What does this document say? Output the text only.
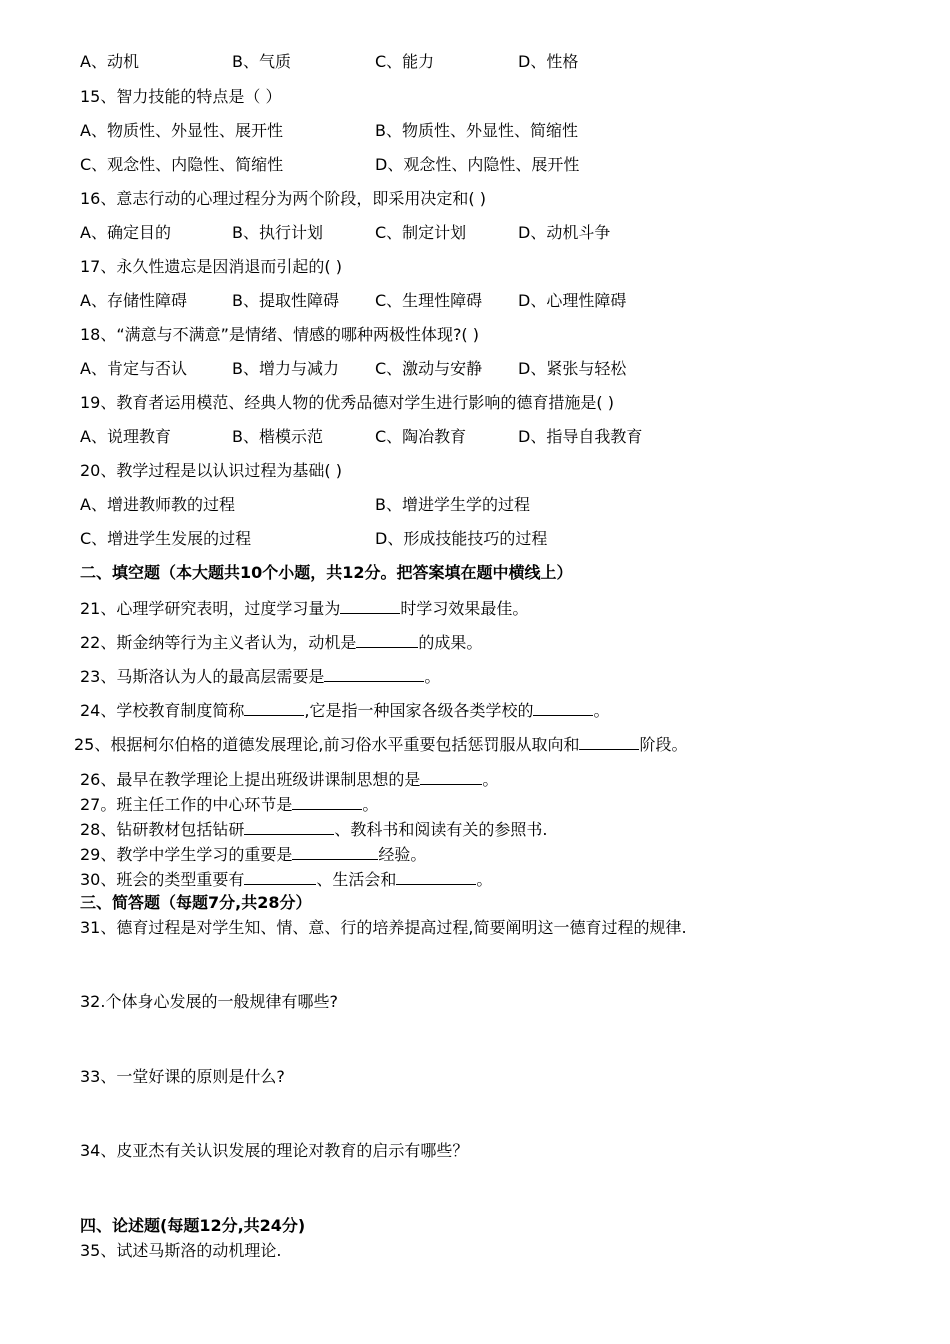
A、动机	B、气质	C、能力	D、性格
15、智力技能的特点是（ ）
A、物质性、外显性、展开性	B、物质性、外显性、简缩性
C、观念性、内隐性、简缩性	D、观念性、内隐性、展开性
16、意志行动的心理过程分为两个阶段，即采用决定和( )
A、确定目的	B、执行计划	C、制定计划	D、动机斗争
17、永久性遗忘是因消退而引起的( )
A、存储性障碍	B、提取性障碍 C、生理性障碍 D、心理性障碍
18、“满意与不满意”是情绪、情感的哪种两极性体现?( )
A、肯定与否认	B、增力与减力 C、激动与安静 D、紧张与轻松
19、教育者运用模范、经典人物的优秀品德对学生进行影响的德育措施是( )
A、说理教育	B、楷模示范	C、陶冶教育	D、指导自我教育
20、教学过程是以认识过程为基础( )
A、增进教师教的过程	B、增进学生学的过程
C、增进学生发展的过程	D、形成技能技巧的过程
二、填空题（本大题共10个小题，共12分。把答案填在题中横线上）
21、心理学研究表明，过度学习量为	时学习效果最佳。
22、斯金纳等行为主义者认为，动机是	的成果。
23、马斯洛认为人的最高层需要是	。
24、学校教育制度简称	,它是指一种国家各级各类学校的	。
25、根据柯尔伯格的道德发展理论,前习俗水平重要包括惩罚服从取向和	阶段。
26、最早在教学理论上提出班级讲课制思想的是	。
27。班主任工作的中心环节是	。
28、钻研教材包括钻研	、教科书和阅读有关的参照书.
29、教学中学生学习的重要是	经验。
30、班会的类型重要有	、生活会和	。
三、简答题（每题7分,共28分）
31、德育过程是对学生知、情、意、行的培养提高过程,简要阐明这一德育过程的规律.
32.个体身心发展的一般规律有哪些?
33、一堂好课的原则是什么?
34、皮亚杰有关认识发展的理论对教育的启示有哪些？
四、论述题(每题12分,共24分)
35、试述马斯洛的动机理论.
